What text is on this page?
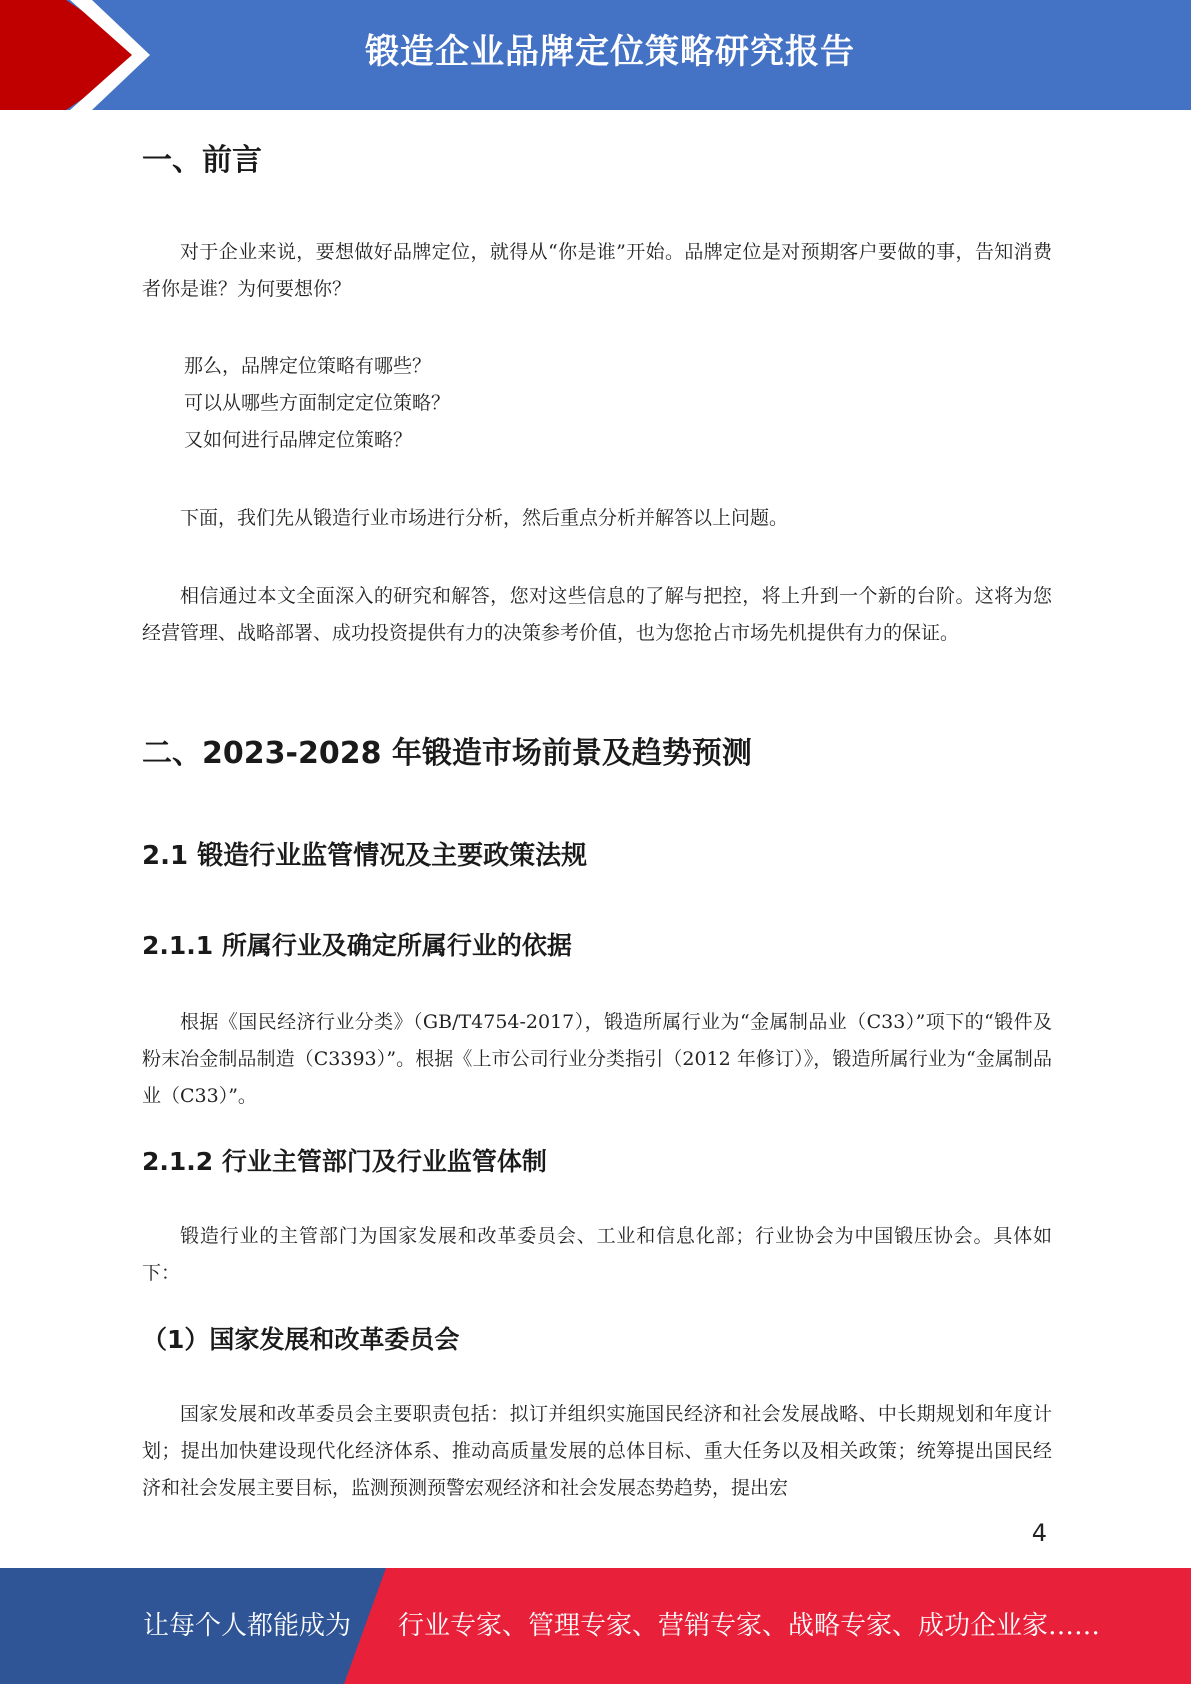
锻造企业品牌定位策略研究报告
一、前言

对于企业来说，要想做好品牌定位，就得从“你是谁”开始。品牌定位是对预期客户要做的事，告知消费者你是谁？为何要想你？

那么，品牌定位策略有哪些？

可以从哪些方面制定定位策略？

又如何进行品牌定位策略？

下面，我们先从锻造行业市场进行分析，然后重点分析并解答以上问题。

相信通过本文全面深入的研究和解答，您对这些信息的了解与把控，将上升到一个新的台阶。这将为您经营管理、战略部署、成功投资提供有力的决策参考价值，也为您抢占市场先机提供有力的保证。

二、2023-2028 年锻造市场前景及趋势预测
2.1 锻造行业监管情况及主要政策法规
2.1.1 所属行业及确定所属行业的依据

根据《国民经济行业分类》（GB/T4754-2017），锻造所属行业为“金属制品业（C33）”项下的“锻件及粉末冶金制品制造（C3393）”。根据《上市公司行业分类指引（2012 年修订）》，锻造所属行业为“金属制品业（C33）”。

2.1.2 行业主管部门及行业监管体制

锻造行业的主管部门为国家发展和改革委员会、工业和信息化部；行业协会为中国锻压协会。具体如下：

（1）国家发展和改革委员会

国家发展和改革委员会主要职责包括：拟订并组织实施国民经济和社会发展战略、中长期规划和年度计划；提出加快建设现代化经济体系、推动高质量发展的总体目标、重大任务以及相关政策；统筹提出国民经济和社会发展主要目标，监测预测预警宏观经济和社会发展态势趋势，提出宏

4
让每个人都能成为 行业专家、管理专家、营销专家、战略专家、成功企业家……
